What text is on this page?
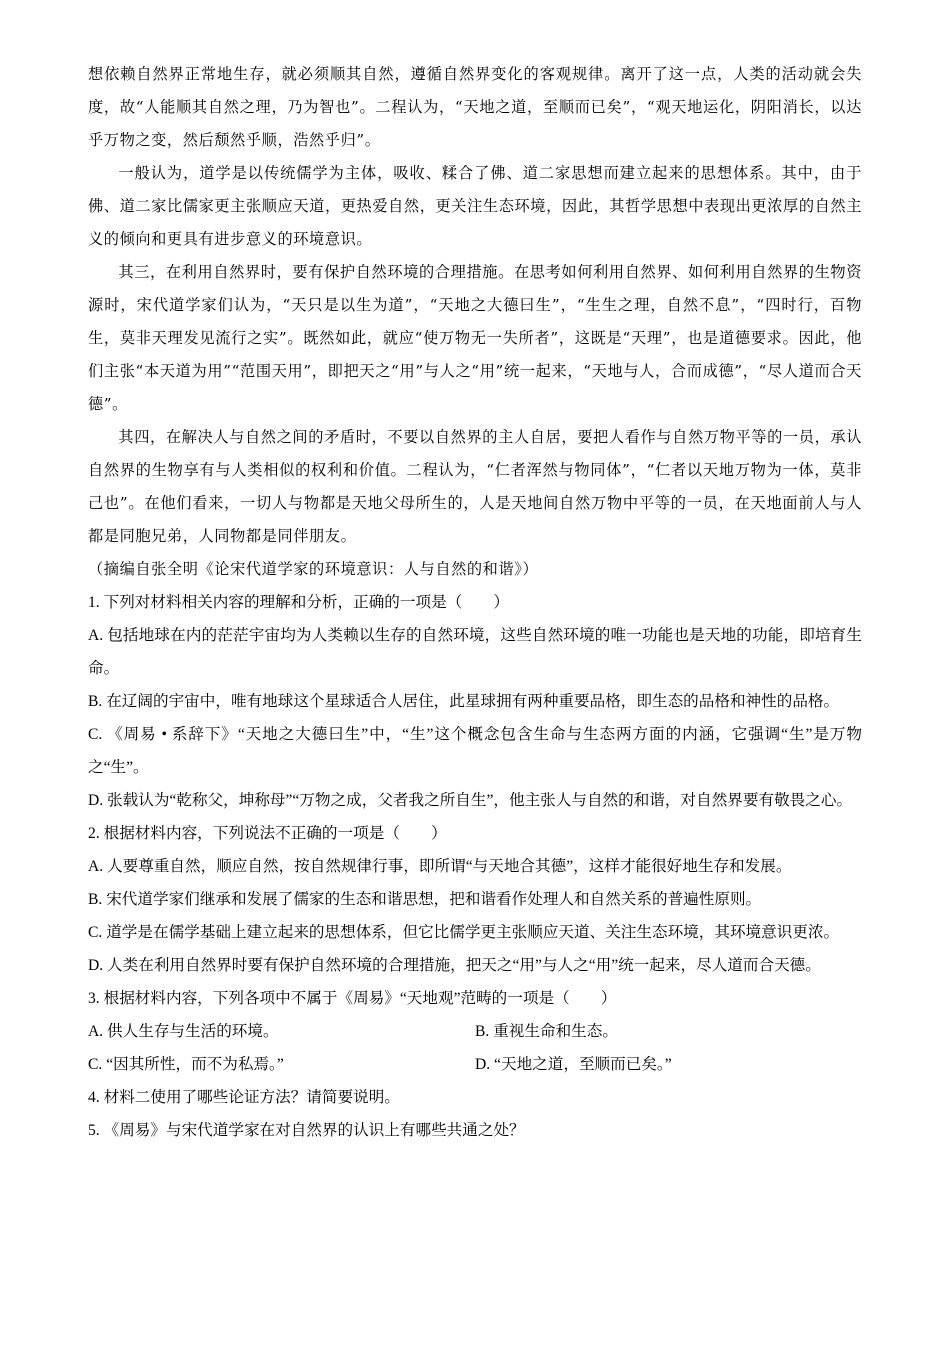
想依赖自然界正常地生存，就必须顺其自然，遵循自然界变化的客观规律。离开了这一点，人类的活动就会失度，故“人能顺其自然之理，乃为智也”。二程认为，“天地之道，至顺而已矣”，“观天地运化，阴阳消长，以达乎万物之变，然后颓然乎顺，浩然乎归”。

一般认为，道学是以传统儒学为主体，吸收、糅合了佛、道二家思想而建立起来的思想体系。其中，由于佛、道二家比儒家更主张顺应天道，更热爱自然，更关注生态环境，因此，其哲学思想中表现出更浓厚的自然主义的倾向和更具有进步意义的环境意识。

其三，在利用自然界时，要有保护自然环境的合理措施。在思考如何利用自然界、如何利用自然界的生物资源时，宋代道学家们认为，“天只是以生为道”，“天地之大德曰生”，“生生之理，自然不息”，“四时行，百物生，莫非天理发见流行之实”。既然如此，就应“使万物无一失所者”，这既是“天理”，也是道德要求。因此，他们主张“本天道为用”“范围天用”，即把天之“用”与人之“用”统一起来，“天地与人，合而成德”，“尽人道而合天德”。

其四，在解决人与自然之间的矛盾时，不要以自然界的主人自居，要把人看作与自然万物平等的一员，承认自然界的生物享有与人类相似的权利和价值。二程认为，“仁者浑然与物同体”，“仁者以天地万物为一体，莫非己也”。在他们看来，一切人与物都是天地父母所生的，人是天地间自然万物中平等的一员，在天地面前人与人都是同胞兄弟，人同物都是同伴朋友。

（摘编自张全明《论宋代道学家的环境意识：人与自然的和谐》）

1. 下列对材料相关内容的理解和分析，正确的一项是（　　）

A. 包括地球在内的茫茫宇宙均为人类赖以生存的自然环境，这些自然环境的唯一功能也是天地的功能，即培育生命。

B. 在辽阔的宇宙中，唯有地球这个星球适合人居住，此星球拥有两种重要品格，即生态的品格和神性的品格。

C. 《周易 • 系辞下》“天地之大德曰生”中，“生”这个概念包含生命与生态两方面的内涵，它强调“生”是万物之“生”。

D. 张载认为“乾称父，坤称母”“万物之成，父者我之所自生”，他主张人与自然的和谐，对自然界要有敬畏之心。

2. 根据材料内容，下列说法不正确的一项是（　　）

A. 人要尊重自然，顺应自然，按自然规律行事，即所谓“与天地合其德”，这样才能很好地生存和发展。

B. 宋代道学家们继承和发展了儒家的生态和谐思想，把和谐看作处理人和自然关系的普遍性原则。

C. 道学是在儒学基础上建立起来的思想体系，但它比儒学更主张顺应天道、关注生态环境，其环境意识更浓。

D. 人类在利用自然界时要有保护自然环境的合理措施，把天之“用”与人之“用”统一起来，尽人道而合天德。

3. 根据材料内容，下列各项中不属于《周易》“天地观”范畴的一项是（　　）

A. 供人生存与生活的环境。	B. 重视生命和生态。

C. “因其所性，而不为私焉。”	D. “天地之道，至顺而已矣。”

4. 材料二使用了哪些论证方法？请简要说明。

5. 《周易》与宋代道学家在对自然界的认识上有哪些共通之处？
